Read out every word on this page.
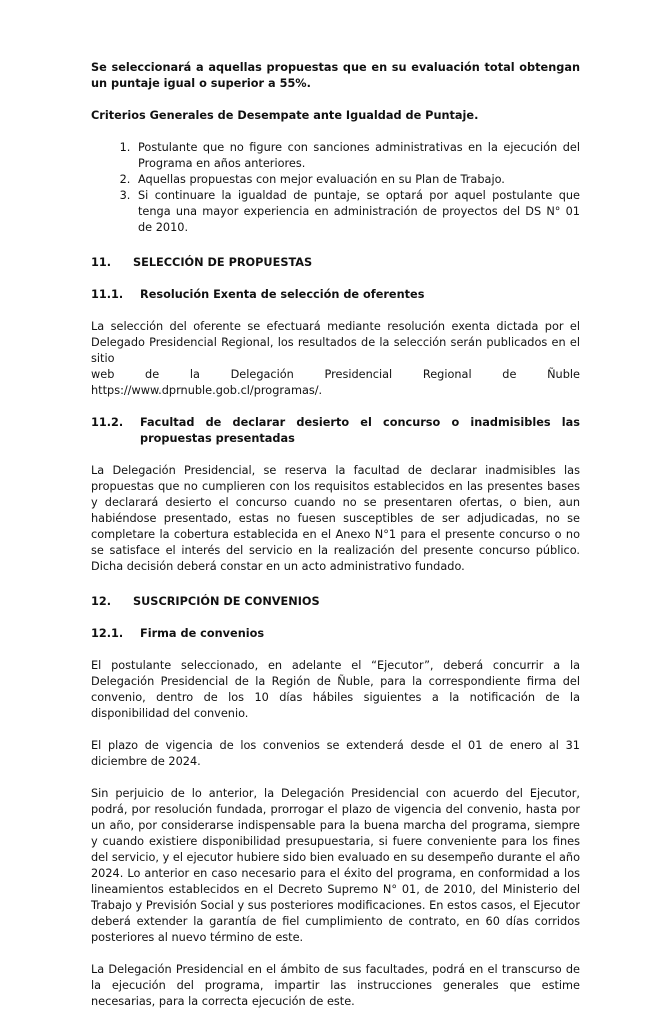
Se seleccionará a aquellas propuestas que en su evaluación total obtengan un puntaje igual o superior a 55%.

Criterios Generales de Desempate ante Igualdad de Puntaje.

1. Postulante que no figure con sanciones administrativas en la ejecución del Programa en años anteriores.
2. Aquellas propuestas con mejor evaluación en su Plan de Trabajo.
3. Si continuare la igualdad de puntaje, se optará por aquel postulante que tenga una mayor experiencia en administración de proyectos del DS N° 01 de 2010.
11.	SELECCIÓN DE PROPUESTAS
11.1.	Resolución Exenta de selección de oferentes

La selección del oferente se efectuará mediante resolución exenta dictada por el Delegado Presidencial Regional, los resultados de la selección serán publicados en el sitio

web	de	la	Delegación	Presidencial	Regional	de	Ñuble

https://www.dprnuble.gob.cl/programas/.

11.2.	Facultad de declarar desierto el concurso o inadmisibles las propuestas presentadas

La Delegación Presidencial, se reserva la facultad de declarar inadmisibles las propuestas que no cumplieren con los requisitos establecidos en las presentes bases y declarará desierto el concurso cuando no se presentaren ofertas, o bien, aun habiéndose presentado, estas no fuesen susceptibles de ser adjudicadas, no se completare la cobertura establecida en el Anexo N°1 para el presente concurso o no se satisface el interés del servicio en la realización del presente concurso público. Dicha decisión deberá constar en un acto administrativo fundado.

12.	SUSCRIPCIÓN DE CONVENIOS
12.1.	Firma de convenios

El postulante seleccionado, en adelante el “Ejecutor”, deberá concurrir a la Delegación Presidencial de la Región de Ñuble, para la correspondiente firma del convenio, dentro de los 10 días hábiles siguientes a la notificación de la disponibilidad del convenio.

El plazo de vigencia de los convenios se extenderá desde el 01 de enero al 31 diciembre de 2024.

Sin perjuicio de lo anterior, la Delegación Presidencial con acuerdo del Ejecutor, podrá, por resolución fundada, prorrogar el plazo de vigencia del convenio, hasta por un año, por considerarse indispensable para la buena marcha del programa, siempre y cuando existiere disponibilidad presupuestaria, si fuere conveniente para los fines del servicio, y el ejecutor hubiere sido bien evaluado en su desempeño durante el año 2024. Lo anterior en caso necesario para el éxito del programa, en conformidad a los lineamientos establecidos en el Decreto Supremo N° 01, de 2010, del Ministerio del Trabajo y Previsión Social y sus posteriores modificaciones. En estos casos, el Ejecutor deberá extender la garantía de fiel cumplimiento de contrato, en 60 días corridos posteriores al nuevo término de este.

La Delegación Presidencial en el ámbito de sus facultades, podrá en el transcurso de la ejecución del programa, impartir las instrucciones generales que estime necesarias, para la correcta ejecución de este.
